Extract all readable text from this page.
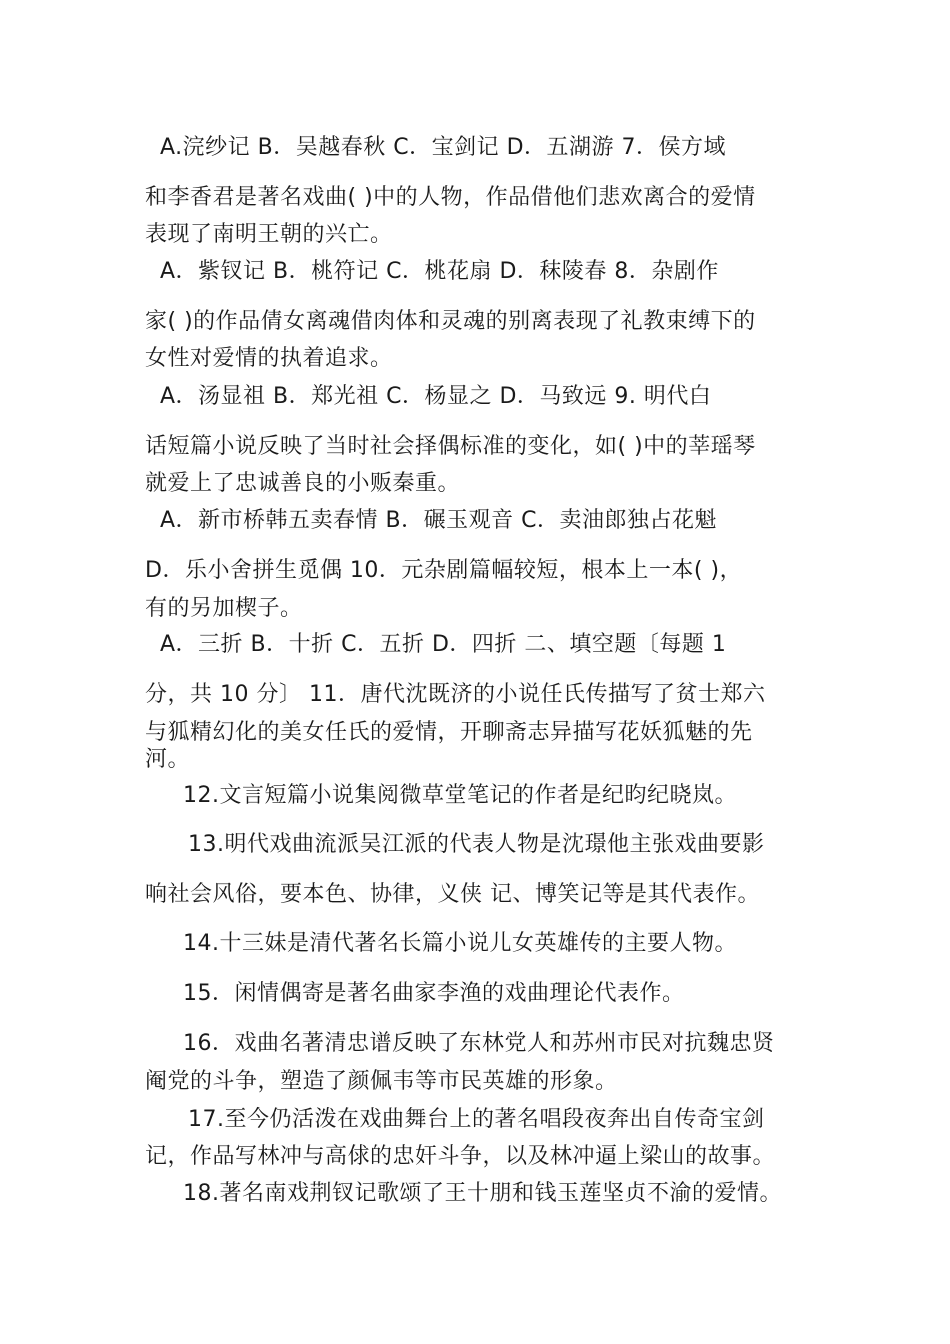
A.浣纱记 B．吴越春秋 C．宝剑记 D．五湖游 7．侯方域
和李香君是著名戏曲( )中的人物，作品借他们悲欢离合的爱情
表现了南明王朝的兴亡。
A．紫钗记 B．桃符记 C．桃花扇 D．秣陵春 8．杂剧作
家( )的作品倩女离魂借肉体和灵魂的别离表现了礼教束缚下的
女性对爱情的执着追求。
A．汤显祖 B．郑光祖 C．杨显之 D．马致远 9. 明代白
话短篇小说反映了当时社会择偶标准的变化，如( )中的莘瑶琴
就爱上了忠诚善良的小贩秦重。
A．新市桥韩五卖春情 B．碾玉观音 C．卖油郎独占花魁
D．乐小舍拼生觅偶 10．元杂剧篇幅较短，根本上一本( )，
有的另加楔子。
A．三折 B．十折 C．五折 D．四折 二、填空题〔每题 1
分，共 10 分〕 11．唐代沈既济的小说任氏传描写了贫士郑六
与狐精幻化的美女任氏的爱情，开聊斋志异描写花妖狐魅的先
河。
12.文言短篇小说集阅微草堂笔记的作者是纪昀纪晓岚。
13.明代戏曲流派吴江派的代表人物是沈璟他主张戏曲要影
响社会风俗，要本色、协律，义侠 记、博笑记等是其代表作。
14.十三妹是清代著名长篇小说儿女英雄传的主要人物。
15．闲情偶寄是著名曲家李渔的戏曲理论代表作。
16．戏曲名著清忠谱反映了东林党人和苏州市民对抗魏忠贤
阉党的斗争，塑造了颜佩韦等市民英雄的形象。
17.至今仍活泼在戏曲舞台上的著名唱段夜奔出自传奇宝剑
记，作品写林冲与高俅的忠奸斗争，以及林冲逼上梁山的故事。
18.著名南戏荆钗记歌颂了王十朋和钱玉莲坚贞不渝的爱情。
